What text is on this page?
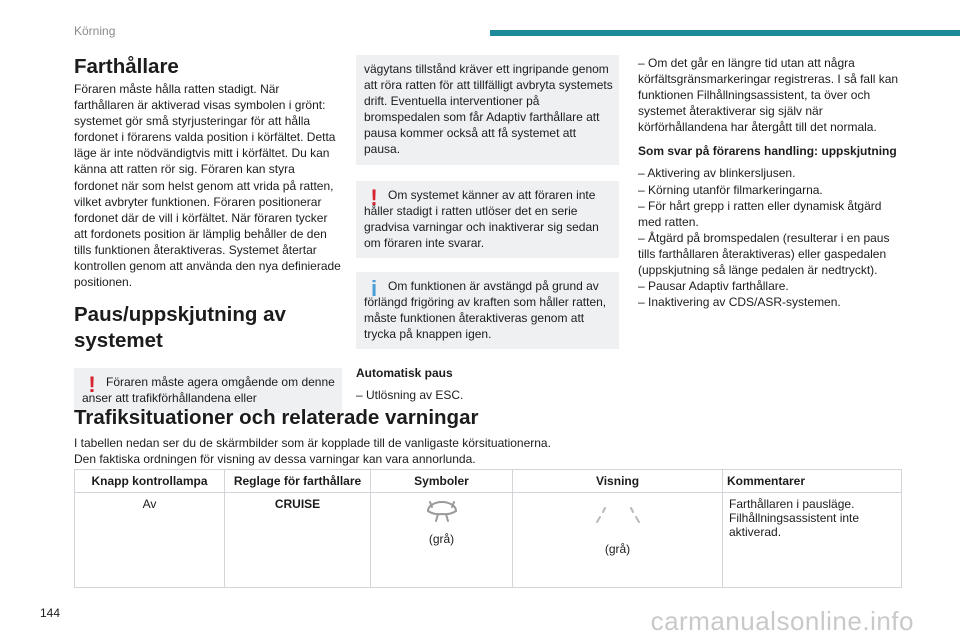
Körning
Farthållare

Föraren måste hålla ratten stadigt. När farthållaren är aktiverad visas symbolen i grönt: systemet gör små styrjusteringar för att hålla fordonet i förarens valda position i körfältet. Detta läge är inte nödvändigtvis mitt i körfältet. Du kan känna att ratten rör sig. Föraren kan styra fordonet när som helst genom att vrida på ratten, vilket avbryter funktionen. Föraren positionerar fordonet där de vill i körfältet. När föraren tycker att fordonets position är lämplig behåller de den tills funktionen återaktiveras. Systemet återtar kontrollen genom att använda den nya definierade positionen.

Paus/uppskjutning av systemet
! Föraren måste agera omgående om denne anser att trafikförhållandena eller
vägytans tillstånd kräver ett ingripande genom att röra ratten för att tillfälligt avbryta systemets drift. Eventuella interventioner på bromspedalen som får Adaptiv farthållare att pausa kommer också att få systemet att pausa.
! Om systemet känner av att föraren inte håller stadigt i ratten utlöser det en serie gradvisa varningar och inaktiverar sig sedan om föraren inte svarar.
i Om funktionen är avstängd på grund av förlängd frigöring av kraften som håller ratten, måste funktionen återaktiveras genom att trycka på knappen igen.
Automatisk paus

– Utlösning av ESC.

– Om det går en längre tid utan att några körfältsgränsmarkeringar registreras. I så fall kan funktionen Filhållningsassistent, ta över och systemet återaktiverar sig själv när körförhållandena har återgått till det normala.

Som svar på förarens handling: uppskjutning

– Aktivering av blinkersljusen.

– Körning utanför filmarkeringarna.

– För hårt grepp i ratten eller dynamisk åtgärd med ratten.

– Åtgärd på bromspedalen (resulterar i en paus tills farthållaren återaktiveras) eller gaspedalen (uppskjutning så länge pedalen är nedtryckt).

– Pausar Adaptiv farthållare.

– Inaktivering av CDS/ASR-systemen.

Trafiksituationer och relaterade varningar

I tabellen nedan ser du de skärmbilder som är kopplade till de vanligaste körsituationerna.

Den faktiska ordningen för visning av dessa varningar kan vara annorlunda.

Knapp kontrollampa	Reglage för farthållare	Symboler	Visning	Kommentarer
Av	CRUISE	(grå)	(grå)	Farthållaren i pausläge.
Filhållningsassistent inte aktiverad.
144	carmanualsonline.info
